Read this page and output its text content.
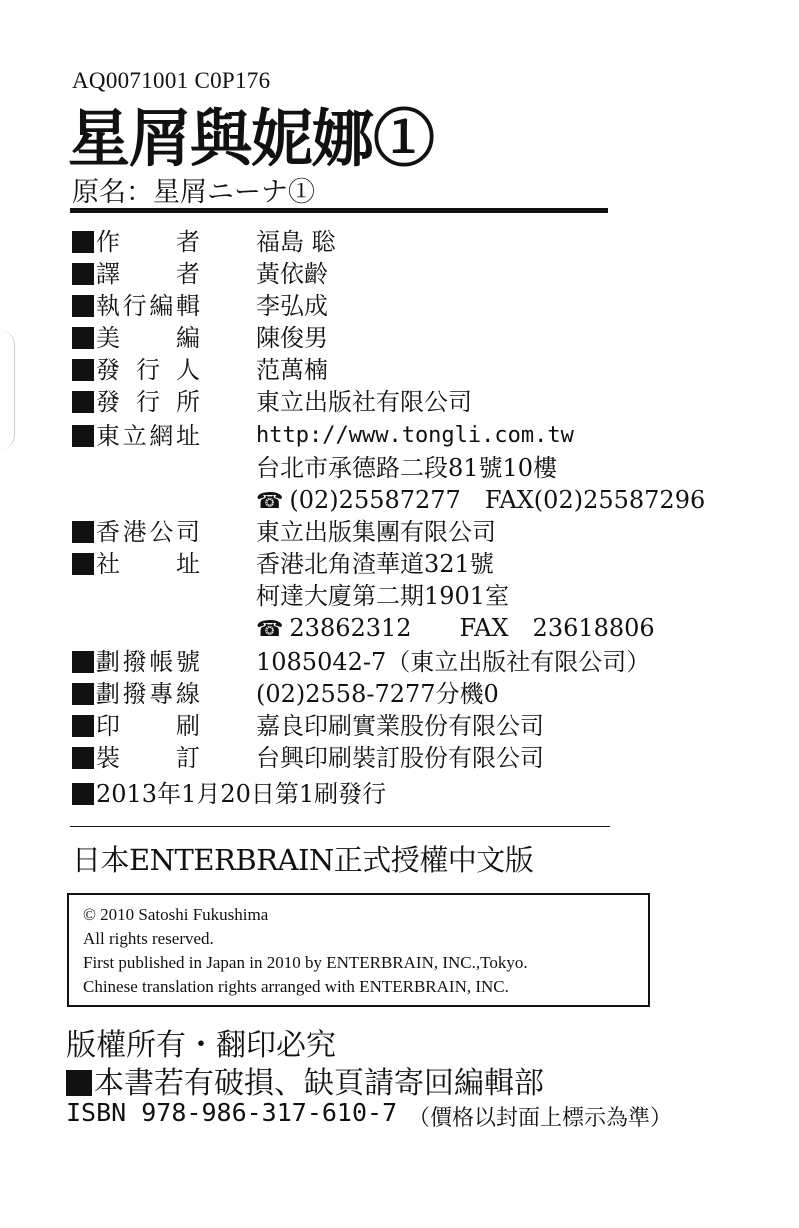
AQ0071001 C0P176
星屑與妮娜①
原名：星屑ニーナ①
作　者 福島 聡
譯　者 黃依齡
執行編輯 李弘成
美　編 陳俊男
發行人 范萬楠
發行所 東立出版社有限公司
東立網址	http://www.tongli.com.tw
台北市承德路二段81號10樓
☎ (02)25587277　FAX(02)25587296
香港公司 東立出版集團有限公司
社　址 香港北角渣華道321號
柯達大廈第二期1901室
☎ 23862312　　FAX　23618806
劃撥帳號 1085042-7（東立出版社有限公司）
劃撥專線 (02)2558-7277分機0
印　刷 嘉良印刷實業股份有限公司
裝　訂 台興印刷裝訂股份有限公司
2013年1月20日第1刷發行
日本ENTERBRAIN正式授權中文版
© 2010 Satoshi Fukushima
All rights reserved.
First published in Japan in 2010 by ENTERBRAIN, INC.,Tokyo.
Chinese translation rights arranged with ENTERBRAIN, INC.
版權所有・翻印必究
本書若有破損、缺頁請寄回編輯部
ISBN 978-986-317-610-7 （價格以封面上標示為準）
